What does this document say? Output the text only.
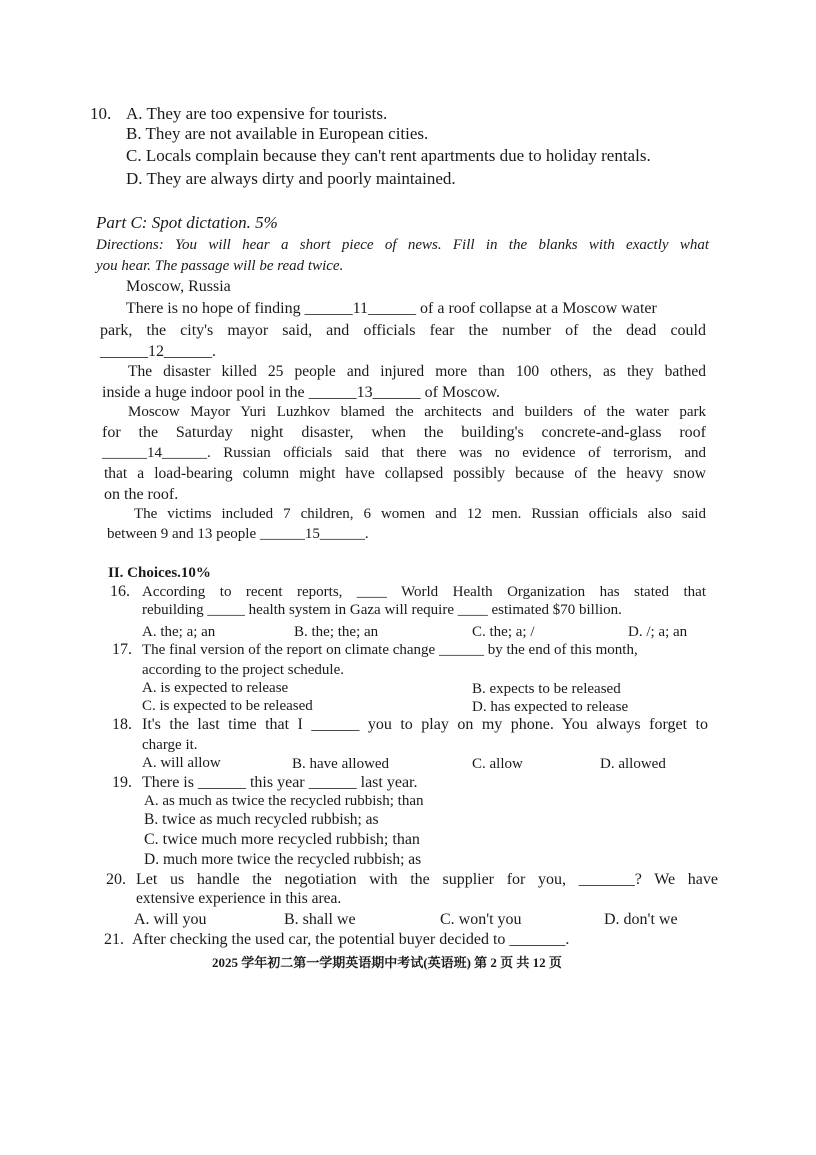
10. A. They are too expensive for tourists.
B. They are not available in European cities.
C. Locals complain because they can't rent apartments due to holiday rentals.
D. They are always dirty and poorly maintained.
Part C: Spot dictation. 5%
Directions: You will hear a short piece of news. Fill in the blanks with exactly what
you hear. The passage will be read twice.
Moscow, Russia
There is no hope of finding ______11______ of a roof collapse at a Moscow water
park, the city's mayor said, and officials fear the number of the dead could
______12______.
The disaster killed 25 people and injured more than 100 others, as they bathed
inside a huge indoor pool in the ______13______ of Moscow.
Moscow Mayor Yuri Luzhkov blamed the architects and builders of the water park
for the Saturday night disaster, when the building's concrete-and-glass roof
______14______. Russian officials said that there was no evidence of terrorism, and
that a load-bearing column might have collapsed possibly because of the heavy snow
on the roof.
The victims included 7 children, 6 women and 12 men. Russian officials also said
between 9 and 13 people ______15______.
II. Choices.10%
16. According to recent reports, ____ World Health Organization has stated that
rebuilding _____ health system in Gaza will require ____ estimated $70 billion.
A. the; a; an	B. the; the; an	C. the; a; /	D. /; a; an
17. The final version of the report on climate change ______ by the end of this month,
according to the project schedule.
A. is expected to release	B. expects to be released
C. is expected to be released	D. has expected to release
18. It's the last time that I ______ you to play on my phone. You always forget to
charge it.
A. will allow	B. have allowed	C. allow	D. allowed
19. There is ______ this year ______ last year.
A. as much as twice the recycled rubbish; than
B. twice as much recycled rubbish; as
C. twice much more recycled rubbish; than
D. much more twice the recycled rubbish; as
20. Let us handle the negotiation with the supplier for you, _______? We have
extensive experience in this area.
A. will you	B. shall we	C. won't you	D. don't we
21. After checking the used car, the potential buyer decided to _______.
2025 学年初二第一学期英语期中考试(英语班) 第 2 页 共 12 页
